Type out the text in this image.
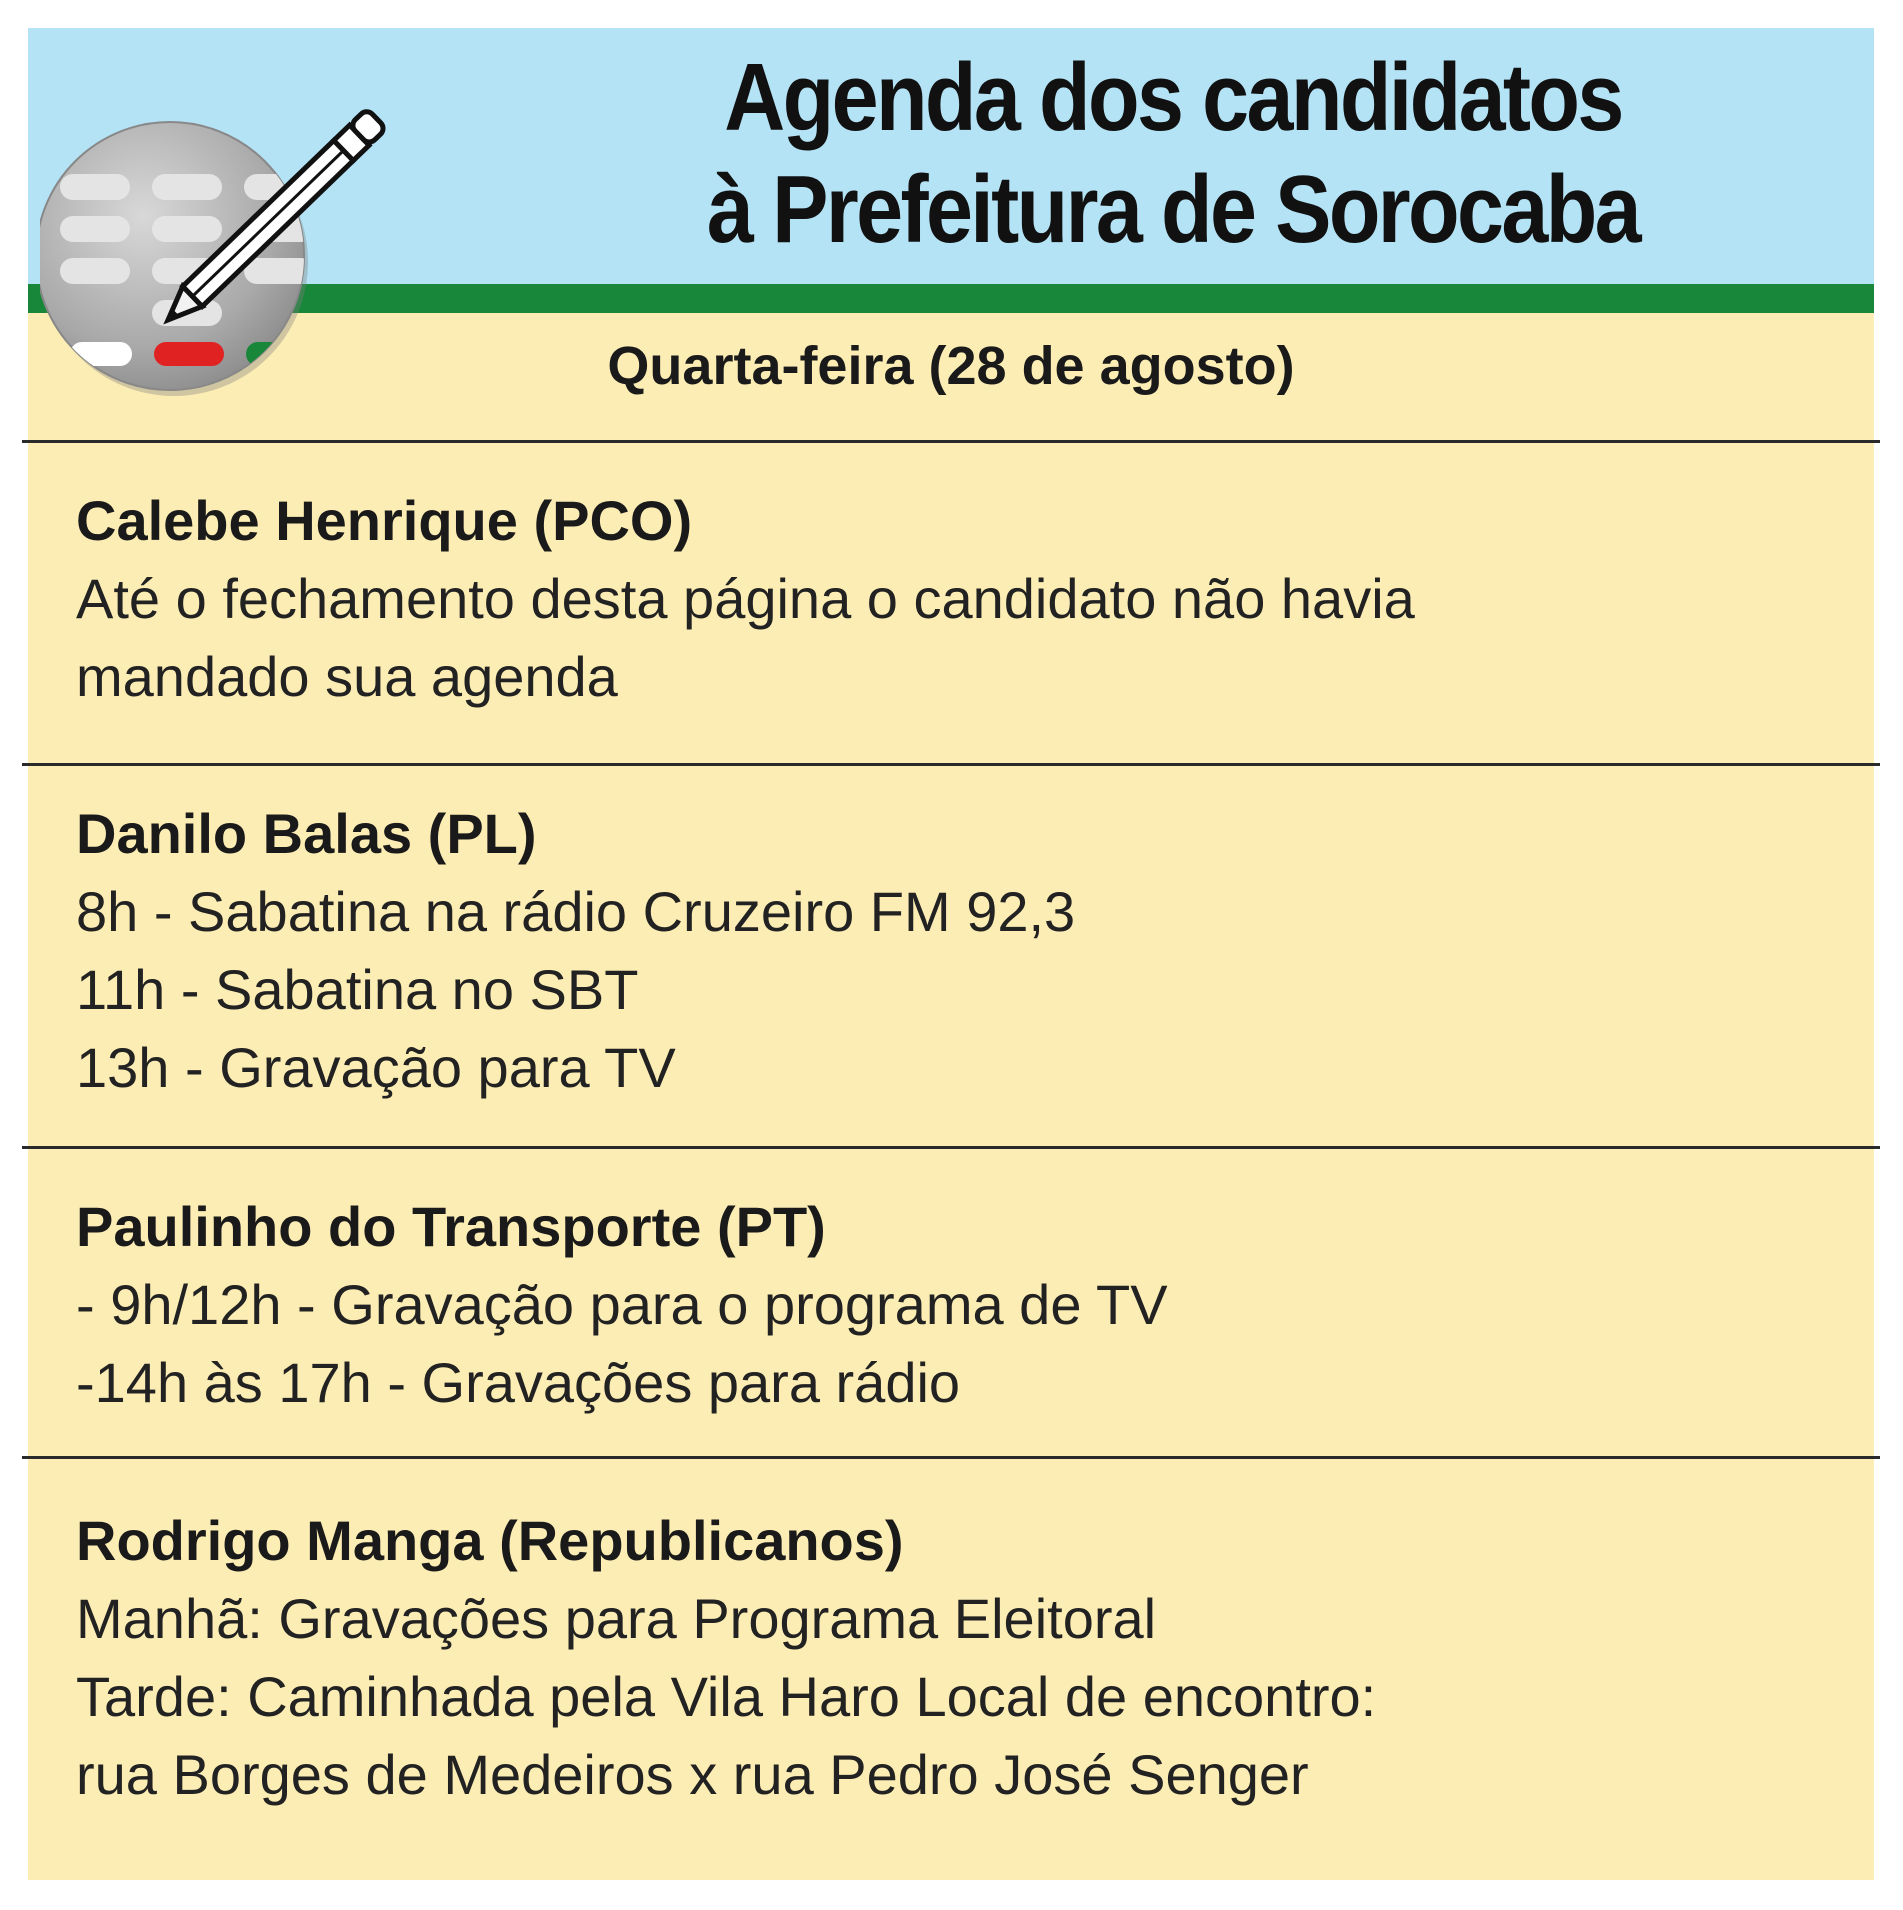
Agenda dos candidatos
à Prefeitura de Sorocaba
Quarta-feira (28 de agosto)
Calebe Henrique (PCO)
Até o fechamento desta página o candidato não havia
mandado sua agenda
Danilo Balas (PL)
8h - Sabatina na rádio Cruzeiro FM 92,3
11h - Sabatina no SBT
13h - Gravação para TV
Paulinho do Transporte (PT)
- 9h/12h - Gravação para o programa de TV
-14h às 17h - Gravações para rádio
Rodrigo Manga (Republicanos)
Manhã: Gravações para Programa Eleitoral
Tarde: Caminhada pela Vila Haro Local de encontro:
rua Borges de Medeiros x rua Pedro José Senger
